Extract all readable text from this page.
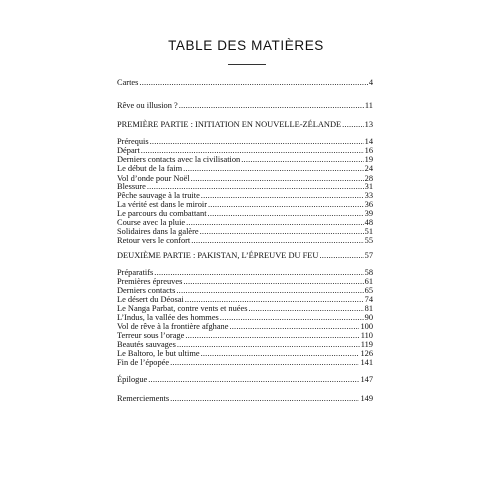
TABLE DES MATIÈRES
Cartes .....	4
Rêve ou illusion ? .....	11
PREMIÈRE PARTIE : INITIATION EN NOUVELLE-ZÉLANDE .....	13
Prérequis .....	14
Départ .....	16
Derniers contacts avec la civilisation .....	19
Le début de la faim .....	24
Vol d’onde pour Noël .....	28
Blessure .....	31
Pêche sauvage à la truite .....	33
La vérité est dans le miroir .....	36
Le parcours du combattant .....	39
Course avec la pluie .....	48
Solidaires dans la galère .....	51
Retour vers le confort .....	55
DEUXIÈME PARTIE : PAKISTAN, L’ÉPREUVE DU FEU .....	57
Préparatifs .....	58
Premières épreuves .....	61
Derniers contacts .....	65
Le désert du Déosai .....	74
Le Nanga Parbat, contre vents et nuées .....	81
L’Indus, la vallée des hommes .....	90
Vol de rêve à la frontière afghane .....	100
Terreur sous l’orage .....	110
Beautés sauvages .....	119
Le Baltoro, le but ultime .....	126
Fin de l’épopée .....	141
Épilogue .....	147
Remerciements .....	149
